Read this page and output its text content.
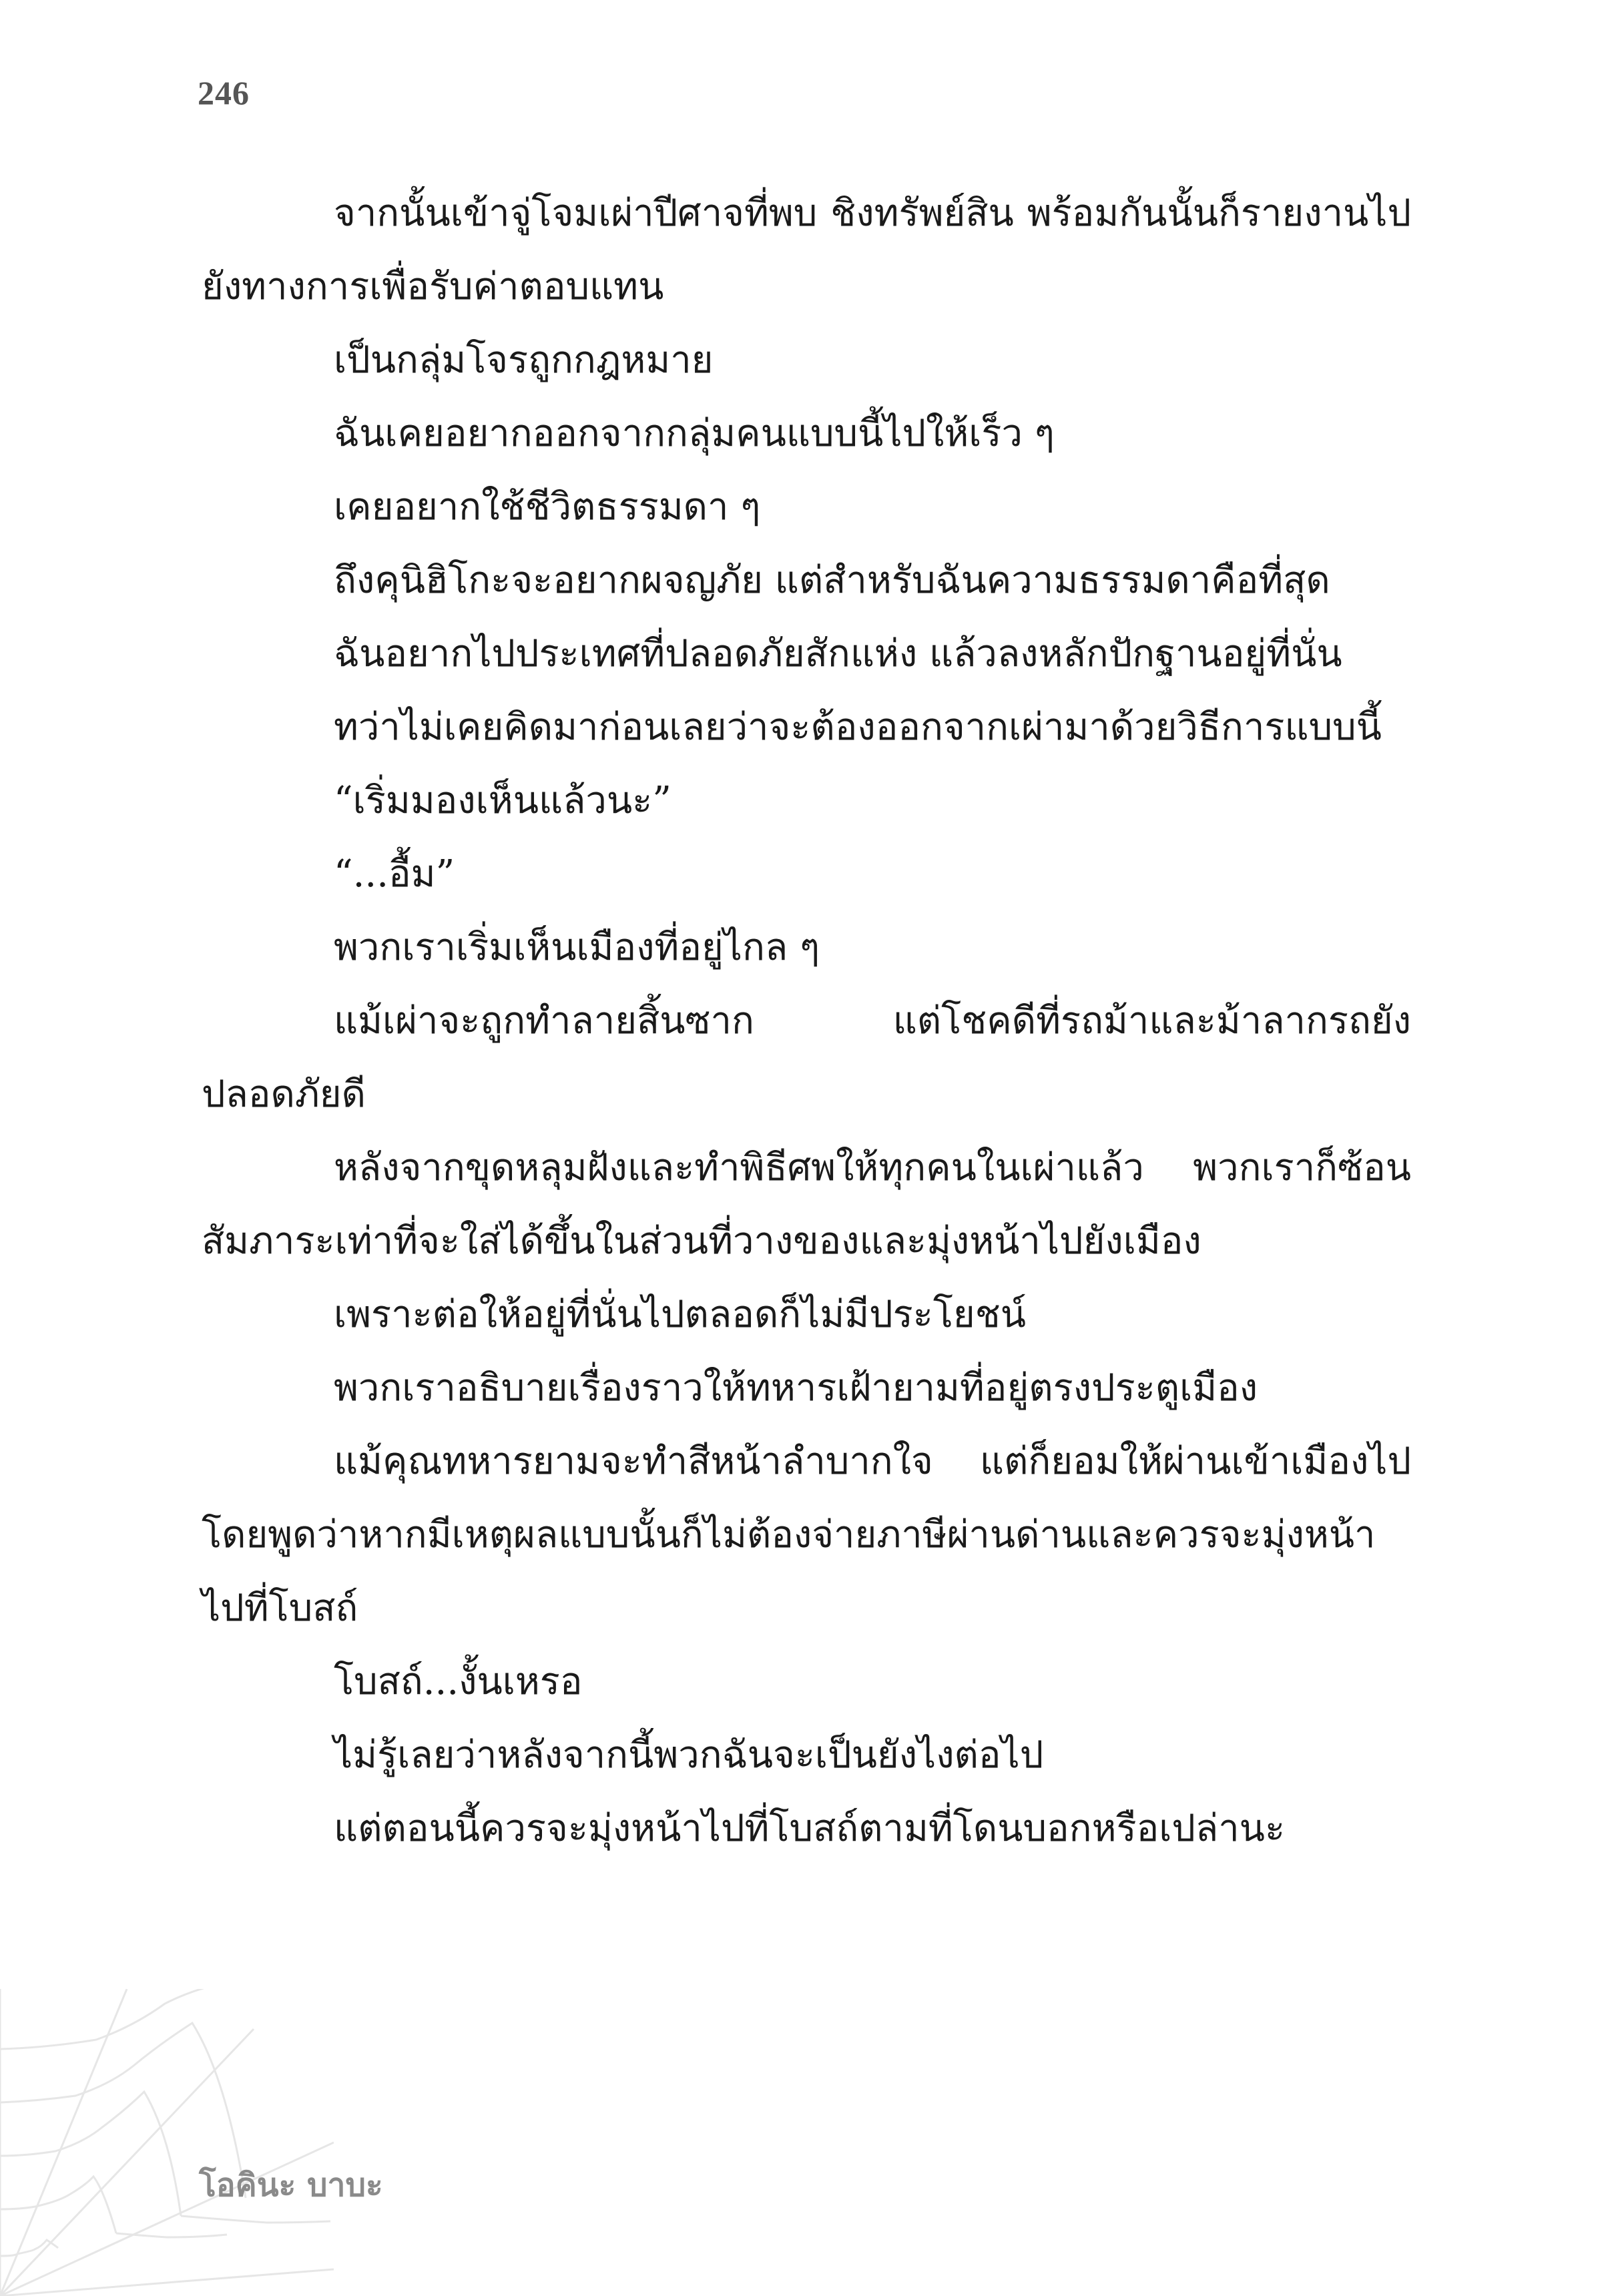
246

จากนั้นเข้าจู่โจมเผ่าปีศาจที่พบ ชิงทรัพย์สิน พร้อมกันนั้นก็รายงานไปยังทางการเพื่อรับค่าตอบแทน

เป็นกลุ่มโจรถูกกฎหมาย

ฉันเคยอยากออกจากกลุ่มคนแบบนี้ไปให้เร็ว ๆ

เคยอยากใช้ชีวิตธรรมดา ๆ

ถึงคุนิฮิโกะจะอยากผจญภัย แต่สำหรับฉันความธรรมดาคือที่สุด

ฉันอยากไปประเทศที่ปลอดภัยสักแห่ง แล้วลงหลักปักฐานอยู่ที่นั่น

ทว่าไม่เคยคิดมาก่อนเลยว่าจะต้องออกจากเผ่ามาด้วยวิธีการแบบนี้

“เริ่มมองเห็นแล้วนะ”

“...อื้ม”

พวกเราเริ่มเห็นเมืองที่อยู่ไกล ๆ

แม้เผ่าจะถูกทำลายสิ้นซาก แต่โชคดีที่รถม้าและม้าลากรถยังปลอดภัยดี

หลังจากขุดหลุมฝังและทำพิธีศพให้ทุกคนในเผ่าแล้ว พวกเราก็ซ้อนสัมภาระเท่าที่จะใส่ได้ขึ้นในส่วนที่วางของและมุ่งหน้าไปยังเมือง

เพราะต่อให้อยู่ที่นั่นไปตลอดก็ไม่มีประโยชน์

พวกเราอธิบายเรื่องราวให้ทหารเฝ้ายามที่อยู่ตรงประตูเมือง

แม้คุณทหารยามจะทำสีหน้าลำบากใจ แต่ก็ยอมให้ผ่านเข้าเมืองไป โดยพูดว่าหากมีเหตุผลแบบนั้นก็ไม่ต้องจ่ายภาษีผ่านด่านและควรจะมุ่งหน้าไปที่โบสถ์

โบสถ์...งั้นเหรอ

ไม่รู้เลยว่าหลังจากนี้พวกฉันจะเป็นยังไงต่อไป

แต่ตอนนี้ควรจะมุ่งหน้าไปที่โบสถ์ตามที่โดนบอกหรือเปล่านะ

โอคินะ บาบะ
